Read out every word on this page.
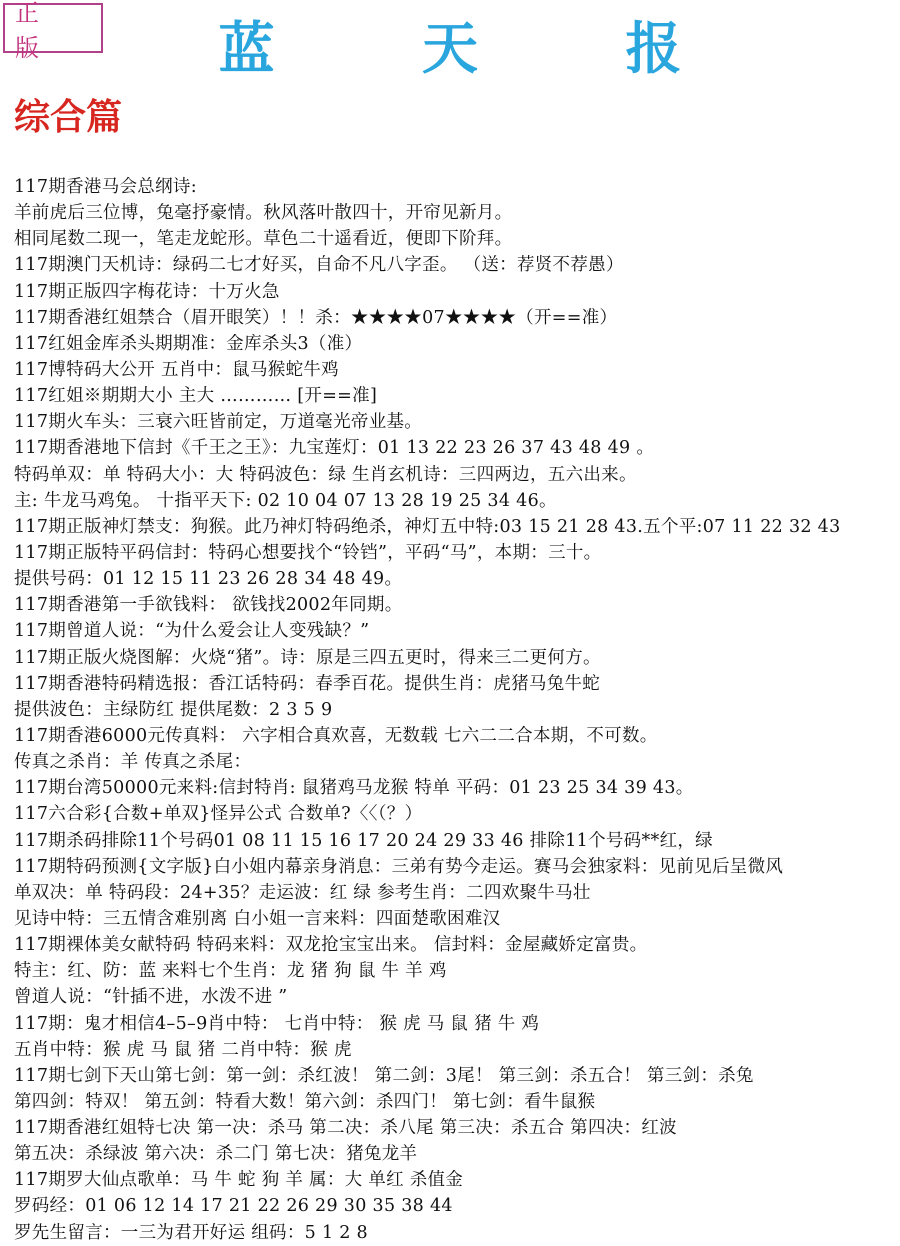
正 版	蓝 天 报
综合篇
117期香港马会总纲诗:
羊前虎后三位博，兔毫抒豪情。秋风落叶散四十，开帘见新月。
相同尾数二现一，笔走龙蛇形。草色二十遥看近，便即下阶拜。
117期澳门天机诗：绿码二七才好买，自命不凡八字歪。 （送：荐贤不荐愚）
117期正版四字梅花诗：十万火急
117期香港红姐禁合（眉开眼笑）！！杀：★★★★07★★★★（开==准）
117红姐金库杀头期期准：金库杀头3（准）
117博特码大公开 五肖中：鼠马猴蛇牛鸡
117红姐※期期大小 主大 ………… [开==准]
117期火车头：三衰六旺皆前定，万道毫光帝业基。
117期香港地下信封《千王之王》：九宝莲灯：01 13 22 23 26 37 43 48 49 。
特码单双：单 特码大小：大 特码波色：绿 生肖玄机诗：三四两边，五六出来。
主: 牛龙马鸡兔。 十指平天下: 02 10 04 07 13 28 19 25 34 46。
117期正版神灯禁支：狗猴。此乃神灯特码绝杀，神灯五中特:03 15 21 28 43.五个平:07 11 22 32 43
117期正版特平码信封：特码心想要找个“铃铛”，平码“马”，本期：三十。
提供号码：01 12 15 11 23 26 28 34 48 49。
117期香港第一手欲钱料： 欲钱找2002年同期。
117期曾道人说：“为什么爱会让人变残缺？”
117期正版火烧图解：火烧“猪”。诗：原是三四五更时，得来三二更何方。
117期香港特码精选报：香江话特码：春季百花。提供生肖：虎猪马兔牛蛇
提供波色：主绿防红 提供尾数：2 3 5 9
117期香港6000元传真料： 六字相合真欢喜，无数载 七六二二合本期，不可数。
传真之杀肖：羊 传真之杀尾：
117期台湾50000元来料:信封特肖: 鼠猪鸡马龙猴 特单 平码：01 23 25 34 39 43。
117六合彩{合数+单双}怪异公式 合数单?〈〈（？）
117期杀码排除11个号码01 08 11 15 16 17 20 24 29 33 46 排除11个号码**红，绿
117期特码预测{文字版}白小姐内幕亲身消息：三弟有势今走运。赛马会独家料：见前见后呈微风
单双决：单 特码段：24+35？走运波：红 绿 参考生肖：二四欢聚牛马壮
见诗中特：三五情含难别离 白小姐一言来料：四面楚歌困难汉
117期裸体美女献特码 特码来料：双龙抢宝宝出来。 信封料：金屋藏娇定富贵。
特主：红、防：蓝 来料七个生肖：龙 猪 狗 鼠 牛 羊 鸡
曾道人说：“针插不进，水泼不进 ”
117期：鬼才相信4–5–9肖中特： 七肖中特： 猴 虎 马 鼠 猪 牛 鸡
五肖中特：猴 虎 马 鼠 猪 二肖中特：猴 虎
117期七剑下天山第七剑：第一剑：杀红波！ 第二剑：3尾！ 第三剑：杀五合！ 第三剑：杀兔
第四剑：特双！ 第五剑：特看大数！第六剑：杀四门！ 第七剑：看牛鼠猴
117期香港红姐特七决 第一决：杀马 第二决：杀八尾 第三决：杀五合 第四决：红波
第五决：杀绿波 第六决：杀二门 第七决：猪兔龙羊
117期罗大仙点歌单：马 牛 蛇 狗 羊 属：大 单红 杀值金
罗码经：01 06 12 14 17 21 22 26 29 30 35 38 44
罗先生留言：一三为君开好运 组码：5 1 2 8
